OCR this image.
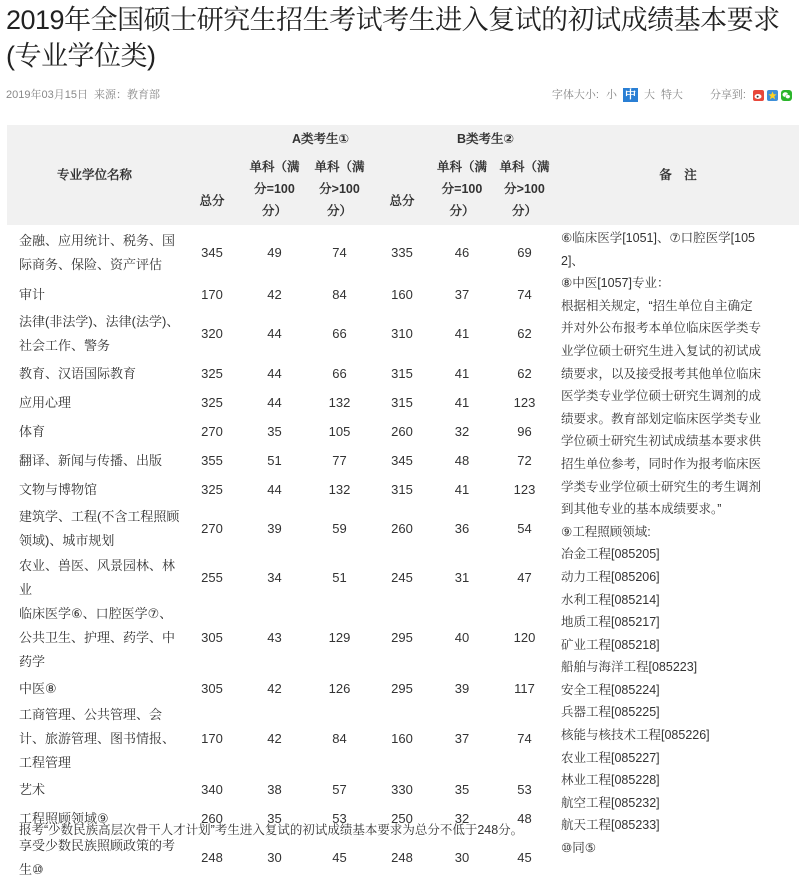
2019年全国硕士研究生招生考试考生进入复试的初试成绩基本要求(专业学位类)
2019年03月15日 来源：教育部	字体大小: 小 中 大 特大 分享到:
专业学位名称		A类考生①			B类考生②		备　注
	总分	单科（满分=100分）	单科（满分>100分）	总分	单科（满分=100分）	单科（满分>100分）	
金融、应用统计、税务、国际商务、保险、资产评估	345	49	74	335	46	69	
⑥临床医学[1051]、⑦口腔医学[105
2]、
⑧中医[1057]专业：
根据相关规定，“招生单位自主确定
并对外公布报考本单位临床医学类专
业学位硕士研究生进入复试的初试成
绩要求，以及接受报考其他单位临床
医学类专业学位硕士研究生调剂的成
绩要求。教育部划定临床医学类专业
学位硕士研究生初试成绩基本要求供
招生单位参考，同时作为报考临床医
学类专业学位硕士研究生的考生调剂
到其他专业的基本成绩要求。”
⑨工程照顾领域:
冶金工程[085205]
动力工程[085206]
水利工程[085214]
地质工程[085217]
矿业工程[085218]
船舶与海洋工程[085223]
安全工程[085224]
兵器工程[085225]
核能与核技术工程[085226]
农业工程[085227]
林业工程[085228]
航空工程[085232]
航天工程[085233]
⑩同⑤

审计	170	42	84	160	37	74	
法律(非法学)、法律(法学)、社会工作、警务	320	44	66	310	41	62	
教育、汉语国际教育	325	44	66	315	41	62	
应用心理	325	44	132	315	41	123	
体育	270	35	105	260	32	96	
翻译、新闻与传播、出版	355	51	77	345	48	72	
文物与博物馆	325	44	132	315	41	123	
建筑学、工程(不含工程照顾领域)、城市规划	270	39	59	260	36	54	
农业、兽医、风景园林、林业	255	34	51	245	31	47	
临床医学⑥、口腔医学⑦、公共卫生、护理、药学、中药学	305	43	129	295	40	120	
中医⑧	305	42	126	295	39	117	
工商管理、公共管理、会计、旅游管理、图书情报、工程管理	170	42	84	160	37	74	
艺术	340	38	57	330	35	53	
工程照顾领域⑨	260	35	53	250	32	48	
享受少数民族照顾政策的考生⑩	248	30	45	248	30	45	
报考“少数民族高层次骨干人才计划”考生进入复试的初试成绩基本要求为总分不低于248分。
